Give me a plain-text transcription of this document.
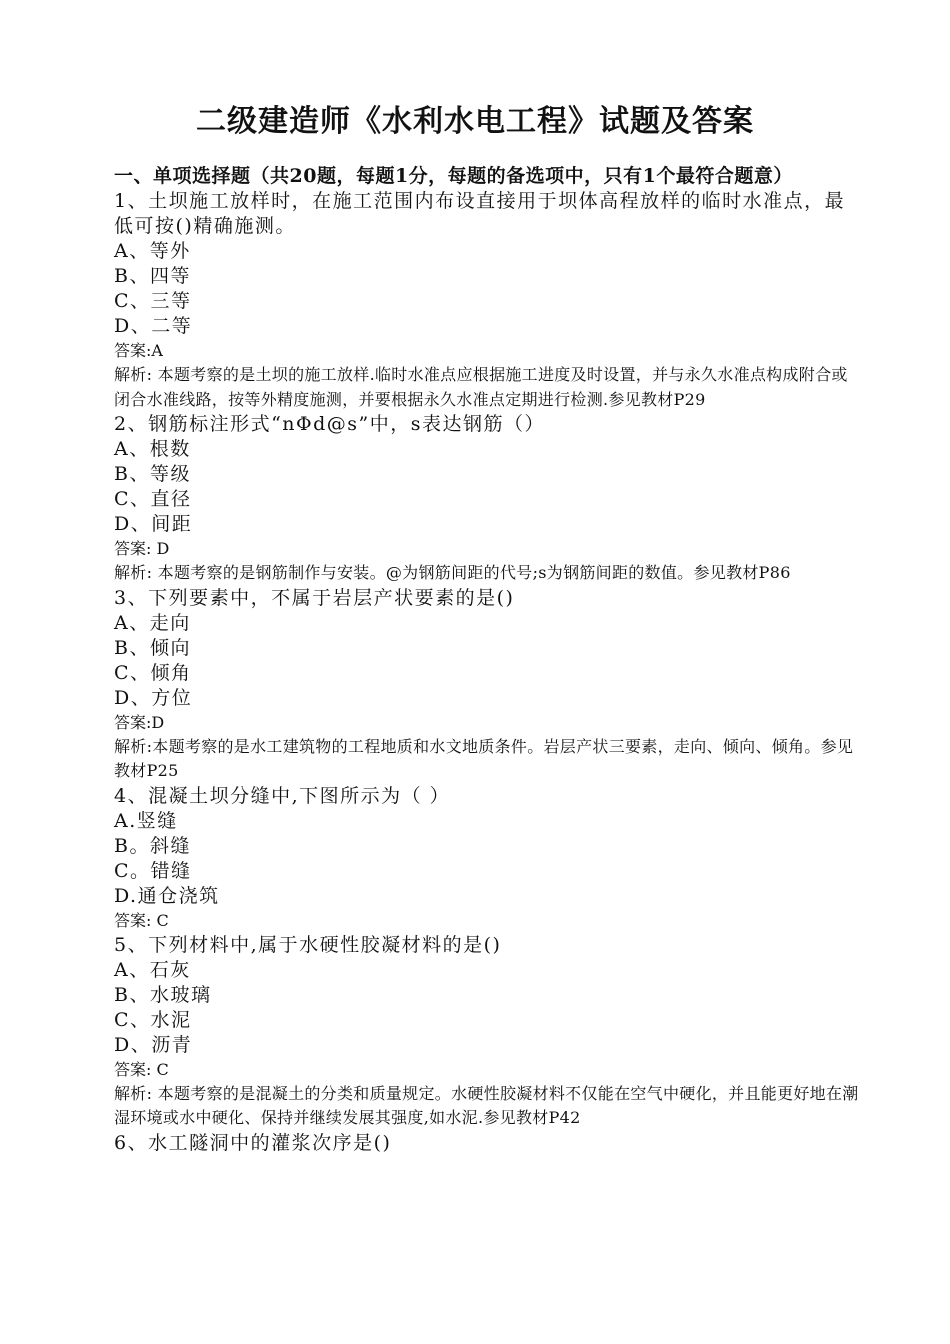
二级建造师《水利水电工程》试题及答案
一、单项选择题（共20题，每题1分，每题的备选项中，只有1个最符合题意）
1、土坝施工放样时，在施工范围内布设直接用于坝体高程放样的临时水准点，最低可按()精确施测。
A、等外
B、四等
C、三等
D、二等
答案:A
解析: 本题考察的是土坝的施工放样.临时水准点应根据施工进度及时设置，并与永久水准点构成附合或闭合水准线路，按等外精度施测，并要根据永久水准点定期进行检测.参见教材P29
2、钢筋标注形式“nΦd@s”中，s表达钢筋（）
A、根数
B、等级
C、直径
D、间距
答案: D
解析: 本题考察的是钢筋制作与安装。@为钢筋间距的代号;s为钢筋间距的数值。参见教材P86
3、下列要素中，不属于岩层产状要素的是()
A、走向
B、倾向
C、倾角
D、方位
答案:D
解析:本题考察的是水工建筑物的工程地质和水文地质条件。岩层产状三要素，走向、倾向、倾角。参见教材P25
4、混凝土坝分缝中,下图所示为（ ）
A.竖缝
B。斜缝
C。错缝
D.通仓浇筑
答案: C
5、下列材料中,属于水硬性胶凝材料的是()
A、石灰
B、水玻璃
C、水泥
D、沥青
答案: C
解析: 本题考察的是混凝土的分类和质量规定。水硬性胶凝材料不仅能在空气中硬化，并且能更好地在潮湿环境或水中硬化、保持并继续发展其强度,如水泥.参见教材P42
6、水工隧洞中的灌浆次序是()
